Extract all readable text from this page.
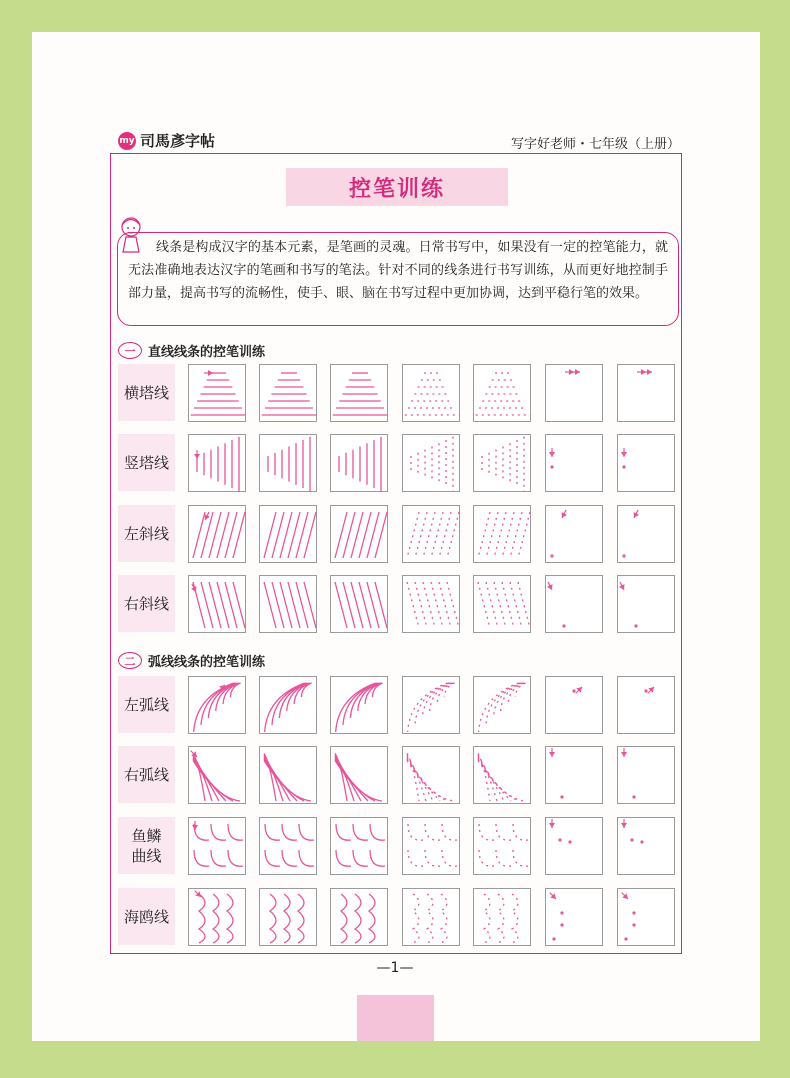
my 司馬彥字帖	写字好老师・七年级（上册）
控笔训练
线条是构成汉字的基本元素，是笔画的灵魂。日常书写中，如果没有一定的控笔能力，就无法准确地表达汉字的笔画和书写的笔法。针对不同的线条进行书写训练，从而更好地控制手部力量，提高书写的流畅性，使手、眼、脑在书写过程中更加协调，达到平稳行笔的效果。
一 直线线条的控笔训练
二 弧线线条的控笔训练
横塔线
竖塔线
左斜线
右斜线
左弧线
右弧线
鱼鳞
曲线
海鸥线
—1—
